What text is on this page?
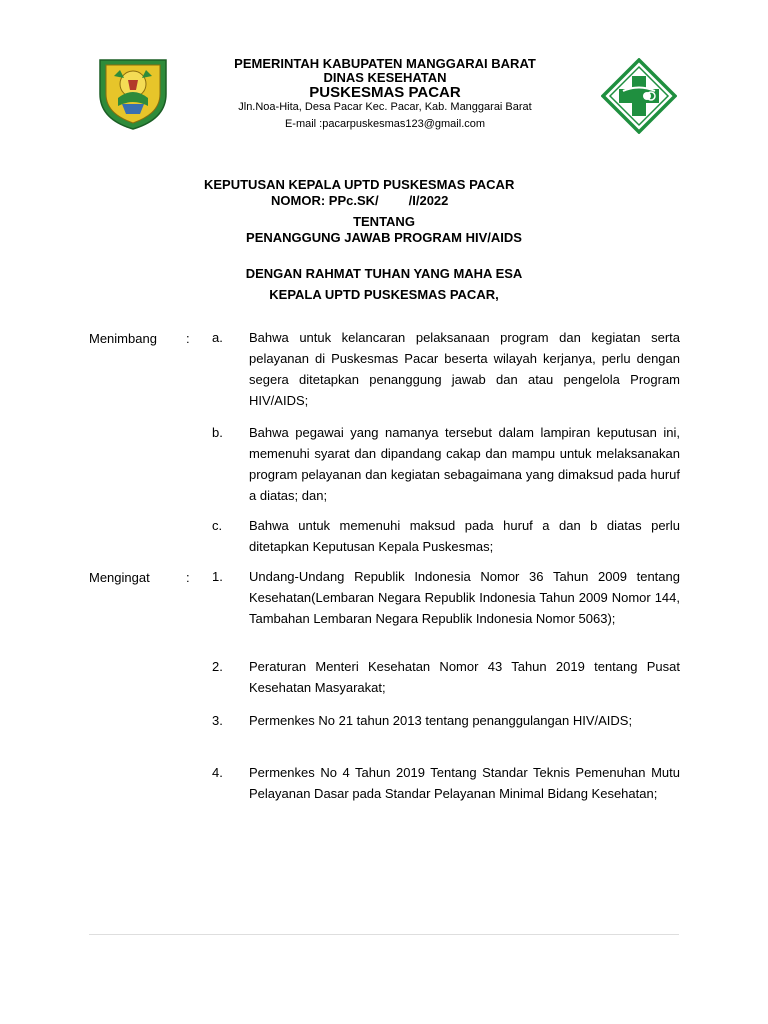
PEMERINTAH KABUPATEN MANGGARAI BARAT
DINAS KESEHATAN
PUSKESMAS PACAR
Jln.Noa-Hita, Desa Pacar Kec. Pacar, Kab. Manggarai Barat
E-mail :pacarpuskesmas123@gmail.com
KEPUTUSAN KEPALA UPTD PUSKESMAS PACAR
NOMOR: PPc.SK/ /I/2022
TENTANG
PENANGGUNG JAWAB PROGRAM HIV/AIDS
DENGAN RAHMAT TUHAN YANG MAHA ESA
KEPALA UPTD PUSKESMAS PACAR,
Menimbang : a. Bahwa untuk kelancaran pelaksanaan program dan kegiatan serta pelayanan di Puskesmas Pacar beserta wilayah kerjanya, perlu dengan segera ditetapkan penanggung jawab dan atau pengelola Program HIV/AIDS;
b. Bahwa pegawai yang namanya tersebut dalam lampiran keputusan ini, memenuhi syarat dan dipandang cakap dan mampu untuk melaksanakan program pelayanan dan kegiatan sebagaimana yang dimaksud pada huruf a diatas; dan;
c. Bahwa untuk memenuhi maksud pada huruf a dan b diatas perlu ditetapkan Keputusan Kepala Puskesmas;
Mengingat	: 1. Undang-Undang Republik Indonesia Nomor 36 Tahun 2009 tentang Kesehatan(Lembaran Negara Republik Indonesia Tahun 2009 Nomor 144, Tambahan Lembaran Negara Republik Indonesia Nomor 5063);
2. Peraturan Menteri Kesehatan Nomor 43 Tahun 2019 tentang Pusat Kesehatan Masyarakat;
3. Permenkes No 21 tahun 2013 tentang penanggulangan HIV/AIDS;
4. Permenkes No 4 Tahun 2019 Tentang Standar Teknis Pemenuhan Mutu Pelayanan Dasar pada Standar Pelayanan Minimal Bidang Kesehatan;
